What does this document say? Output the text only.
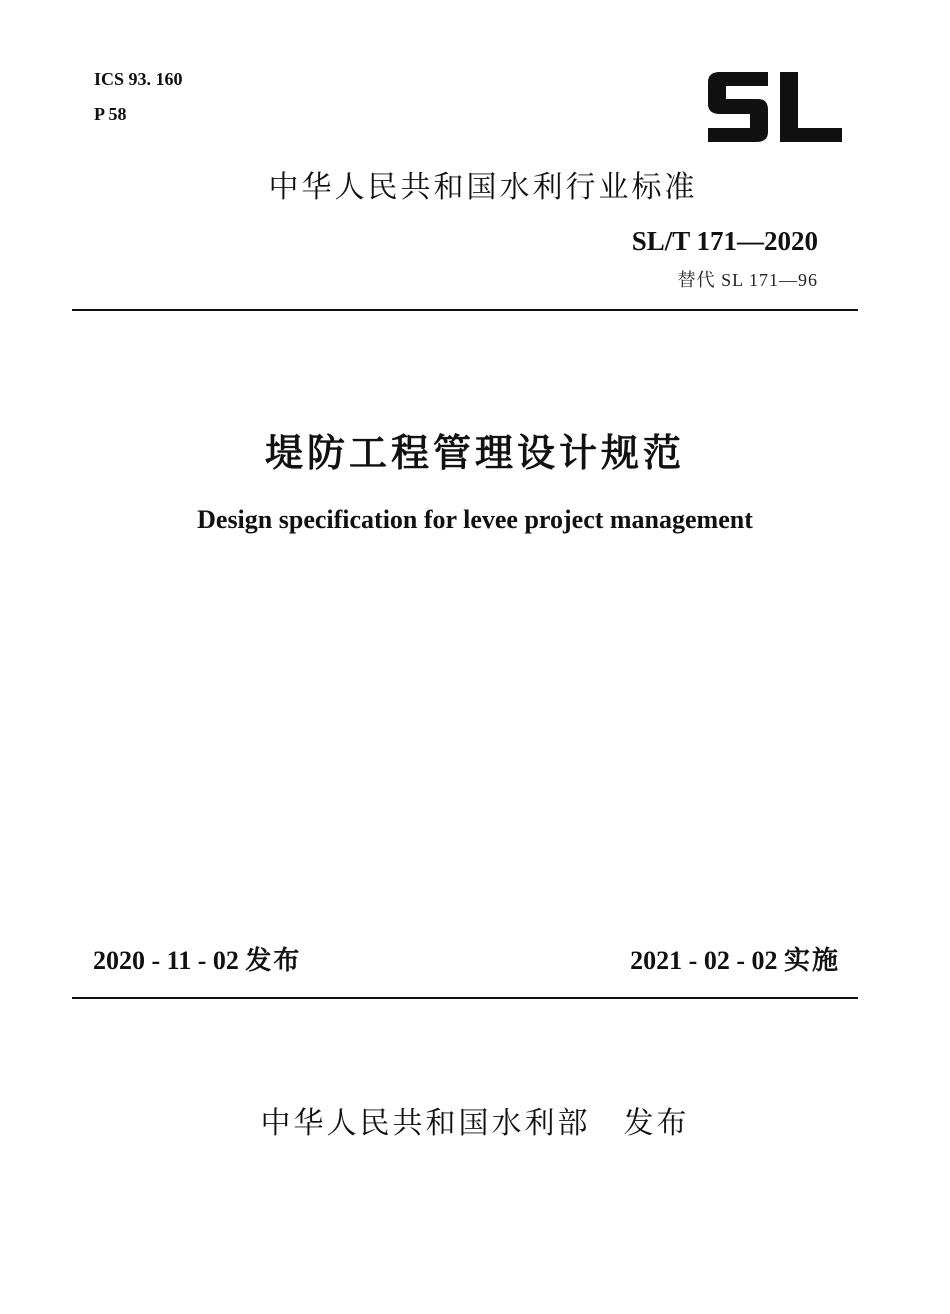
ICS 93. 160
P 58
中华人民共和国水利行业标准
SL/T 171—2020
替代 SL 171—96
堤防工程管理设计规范
Design specification for levee project management
2020 - 11 - 02 发布	2021 - 02 - 02 实施
中华人民共和国水利部　发布
